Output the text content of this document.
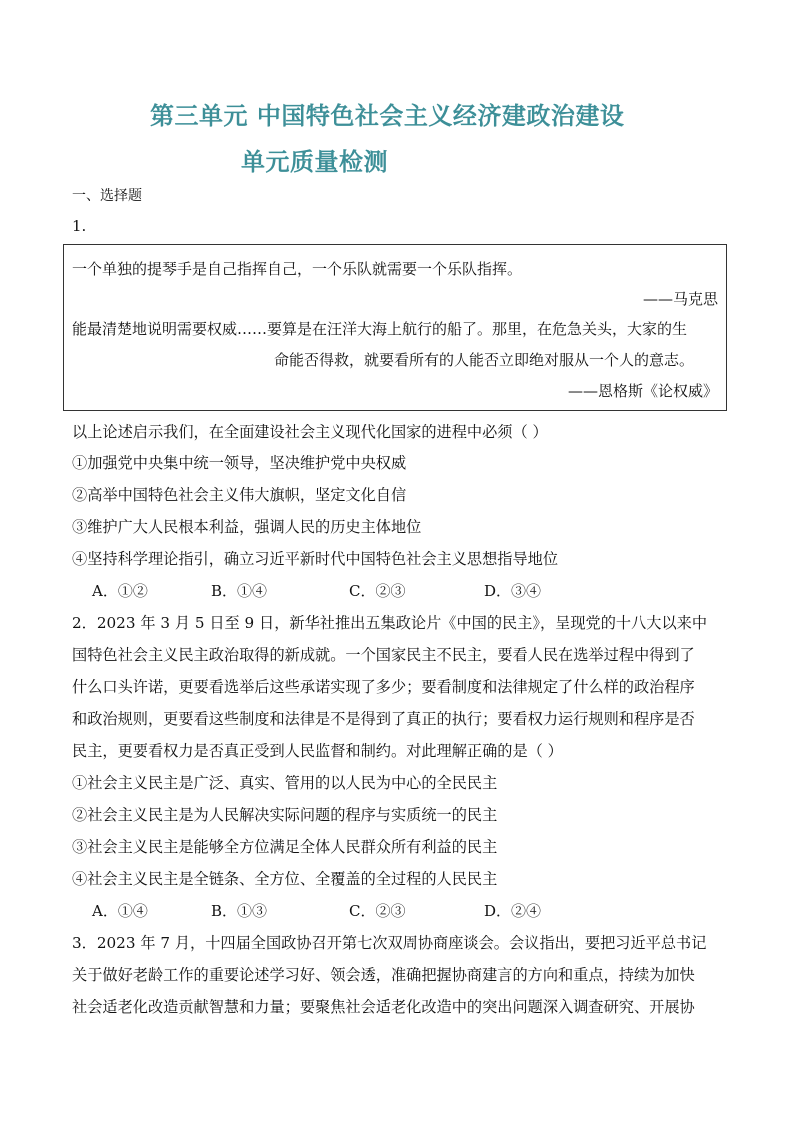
第三单元 中国特色社会主义经济建政治建设
单元质量检测
一、选择题
1.
一个单独的提琴手是自己指挥自己，一个乐队就需要一个乐队指挥。
——马克思
能最清楚地说明需要权威……要算是在汪洋大海上航行的船了。那里，在危急关头，大家的生
命能否得救，就要看所有的人能否立即绝对服从一个人的意志。
——恩格斯《论权威》
以上论述启示我们，在全面建设社会主义现代化国家的进程中必须（ ）
①加强党中央集中统一领导，坚决维护党中央权威
②高举中国特色社会主义伟大旗帜，坚定文化自信
③维护广大人民根本利益，强调人民的历史主体地位
④坚持科学理论指引，确立习近平新时代中国特色社会主义思想指导地位
A．①②	B．①④	C．②③	D．③④
2．2023 年 3 月 5 日至 9 日，新华社推出五集政论片《中国的民主》，呈现党的十八大以来中
国特色社会主义民主政治取得的新成就。一个国家民主不民主，要看人民在选举过程中得到了
什么口头许诺，更要看选举后这些承诺实现了多少；要看制度和法律规定了什么样的政治程序
和政治规则，更要看这些制度和法律是不是得到了真正的执行；要看权力运行规则和程序是否
民主，更要看权力是否真正受到人民监督和制约。对此理解正确的是（ ）
①社会主义民主是广泛、真实、管用的以人民为中心的全民民主
②社会主义民主是为人民解决实际问题的程序与实质统一的民主
③社会主义民主是能够全方位满足全体人民群众所有利益的民主
④社会主义民主是全链条、全方位、全覆盖的全过程的人民民主
A．①④	B．①③	C．②③	D．②④
3．2023 年 7 月，十四届全国政协召开第七次双周协商座谈会。会议指出，要把习近平总书记
关于做好老龄工作的重要论述学习好、领会透，准确把握协商建言的方向和重点，持续为加快
社会适老化改造贡献智慧和力量；要聚焦社会适老化改造中的突出问题深入调查研究、开展协
